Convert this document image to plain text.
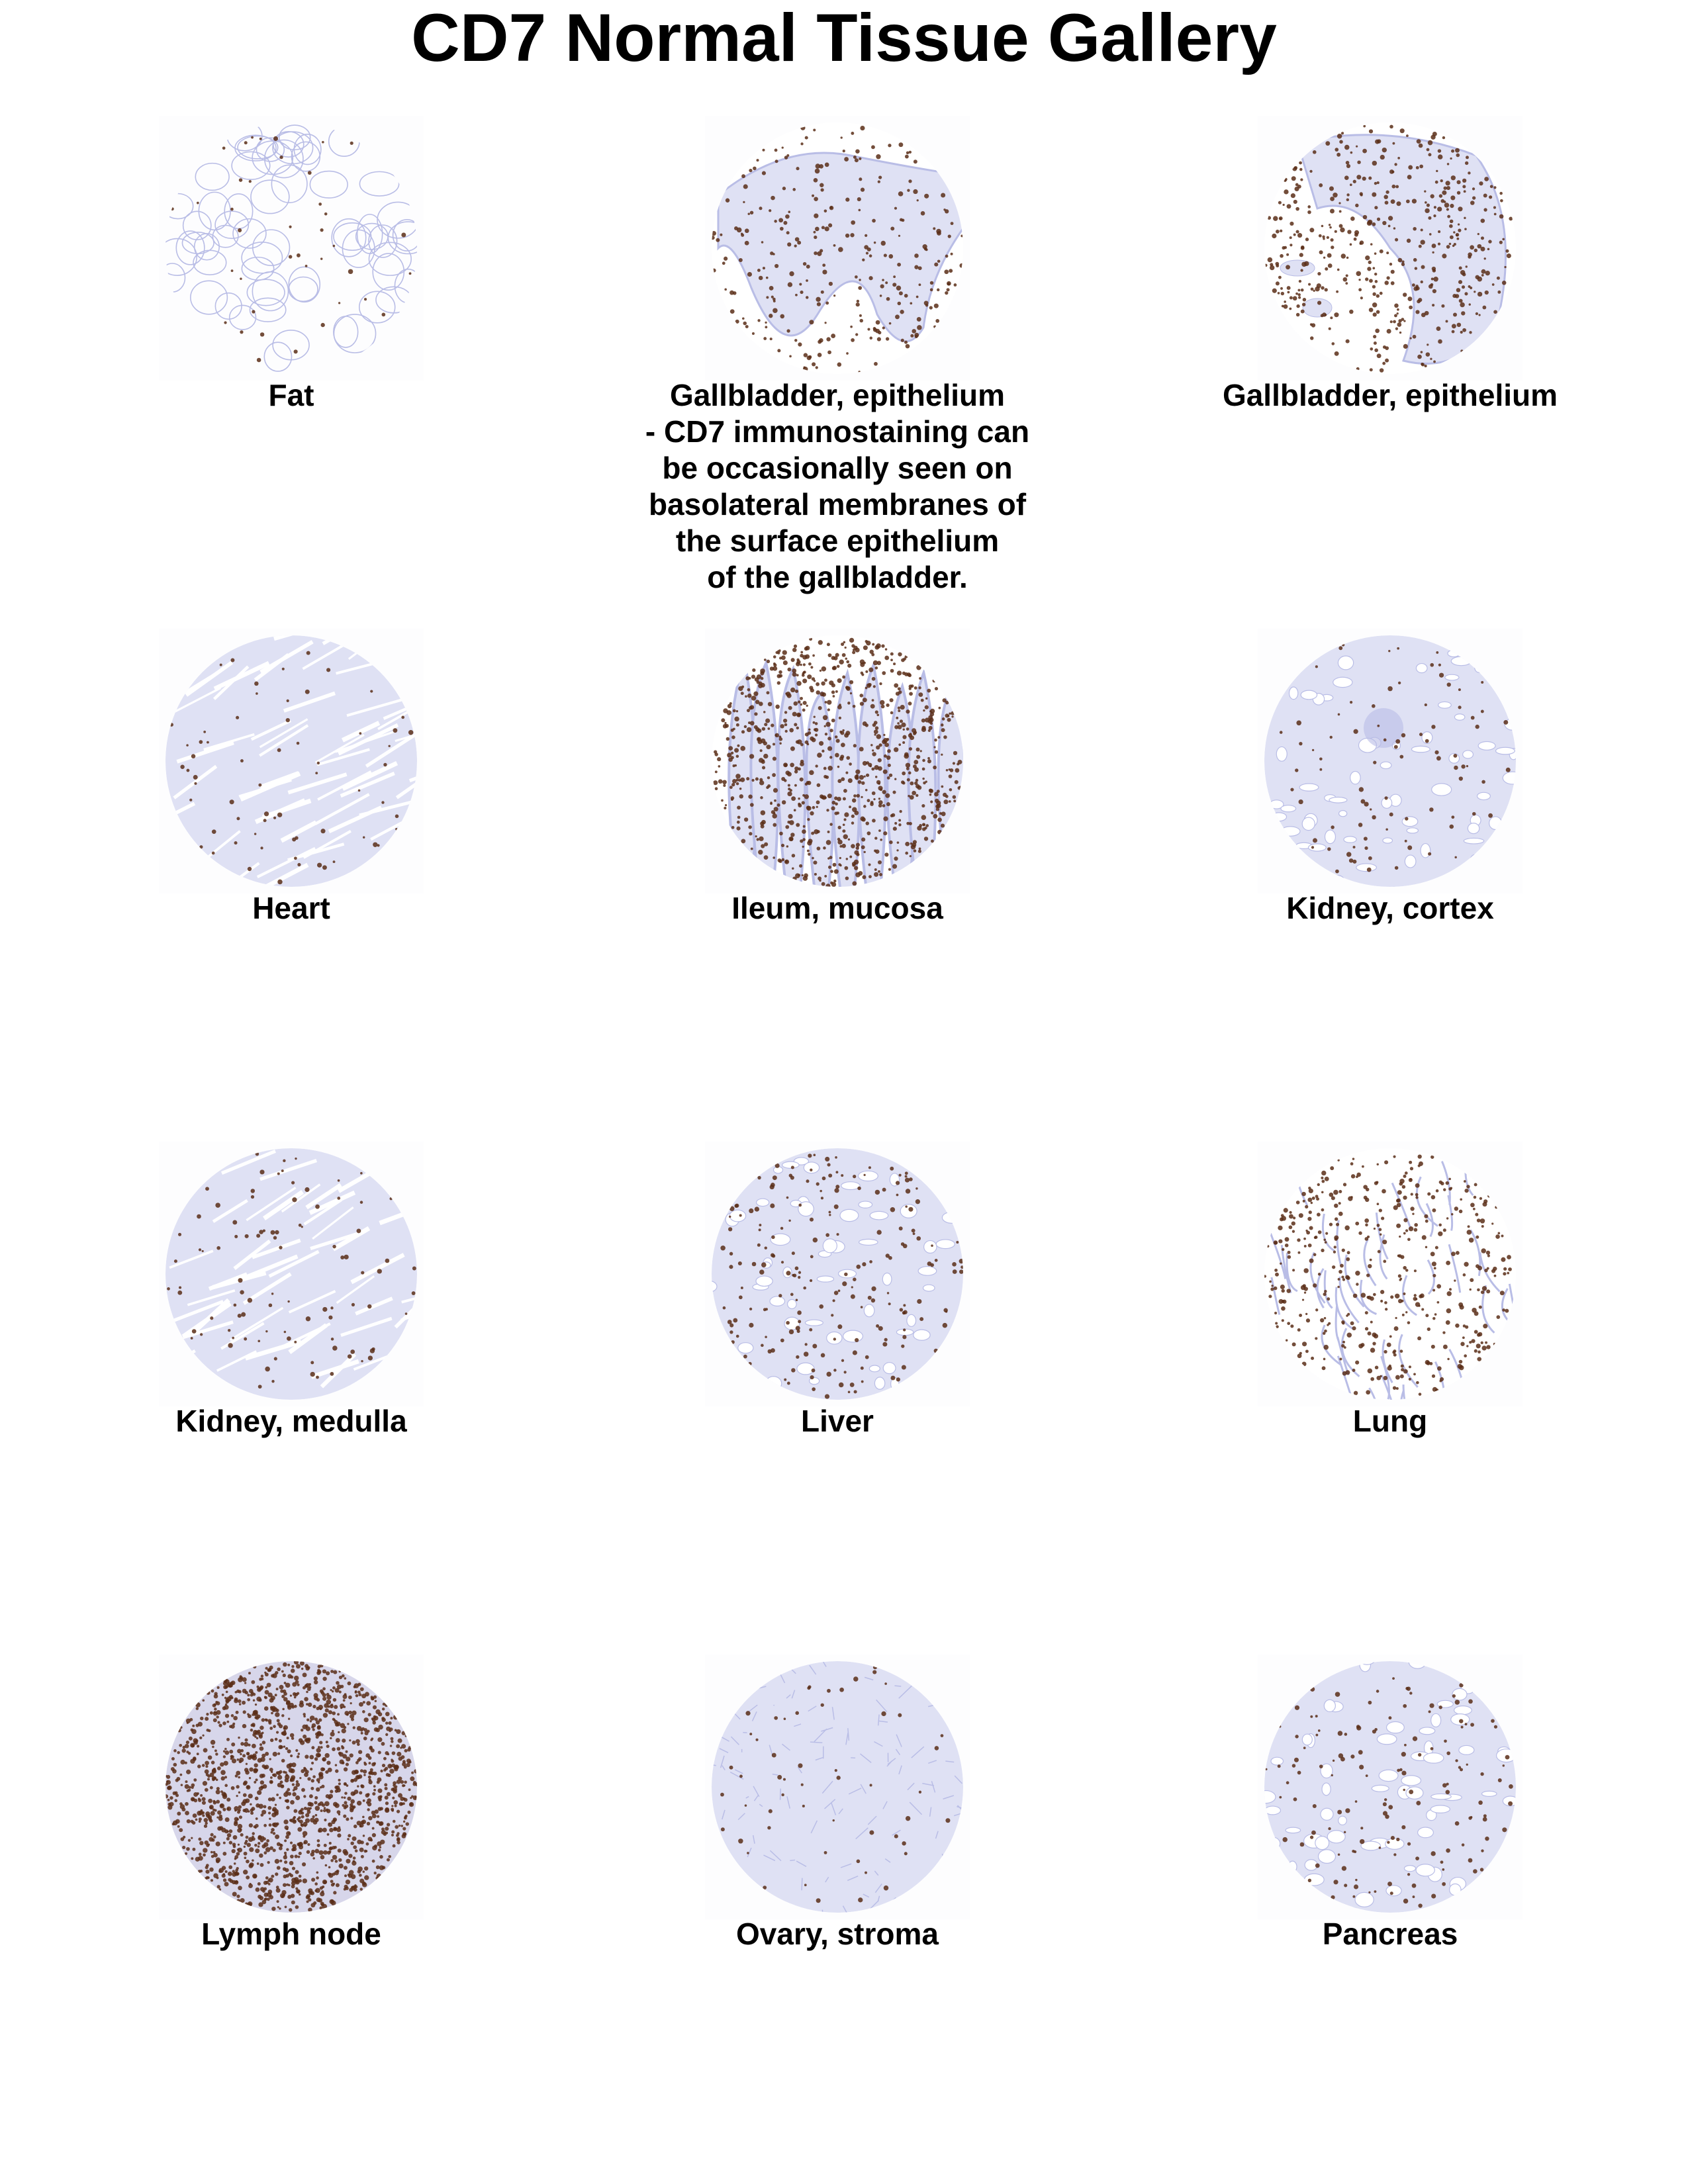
CD7 Normal Tissue Gallery
Fat	Gallbladder, epithelium
- CD7 immunostaining can
be occasionally seen on
basolateral membranes of
the surface epithelium
of the gallbladder.
Gallbladder, epithelium
Heart	Ileum, mucosa	Kidney, cortex
Kidney, medulla	Liver	Lung
Lymph node	Ovary, stroma	Pancreas
